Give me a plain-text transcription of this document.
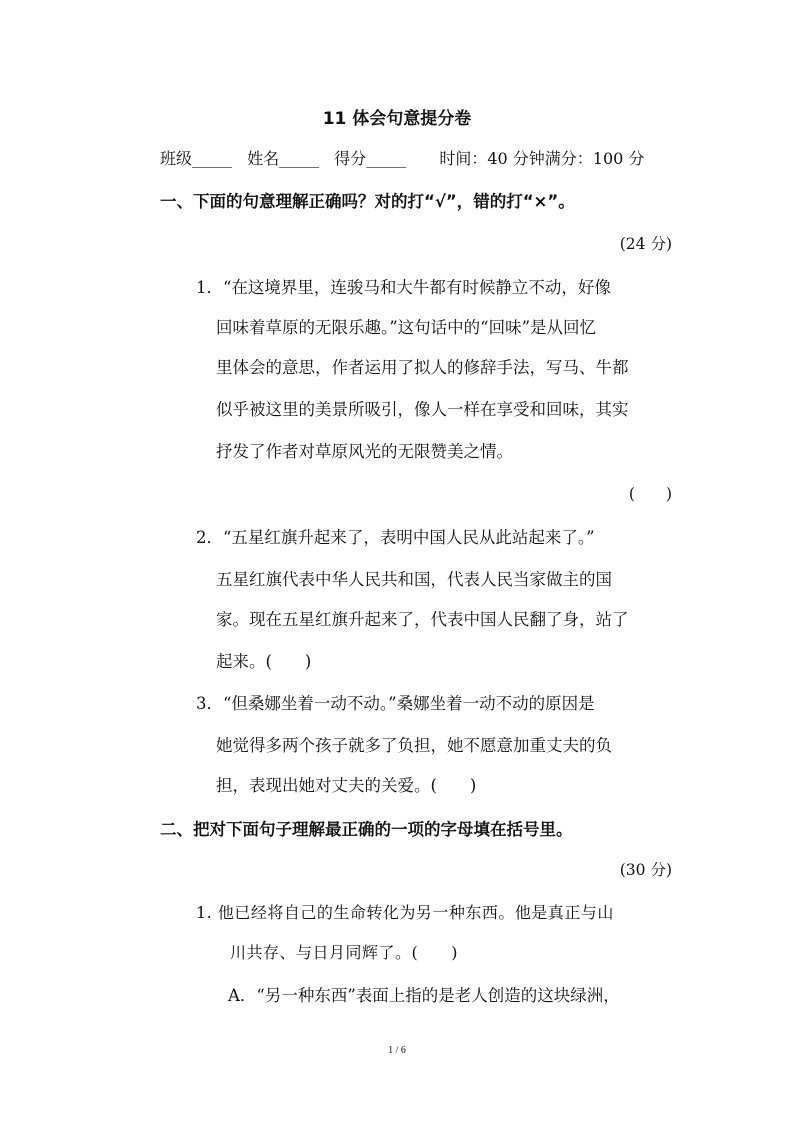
11 体会句意提分卷
班级_____ 姓名_____ 得分_____ 时间：40 分钟满分：100 分
一、下面的句意理解正确吗？对的打“√”，错的打“×”。
(24 分)
1．“在这境界里，连骏马和大牛都有时候静立不动，好像
回味着草原的无限乐趣。”这句话中的“回味”是从回忆
里体会的意思，作者运用了拟人的修辞手法，写马、牛都
似乎被这里的美景所吸引，像人一样在享受和回味，其实
抒发了作者对草原风光的无限赞美之情。
(　　)
2．“五星红旗升起来了，表明中国人民从此站起来了。”
五星红旗代表中华人民共和国，代表人民当家做主的国
家。现在五星红旗升起来了，代表中国人民翻了身，站了
起来。(　　)
3．“但桑娜坐着一动不动。”桑娜坐着一动不动的原因是
她觉得多两个孩子就多了负担，她不愿意加重丈夫的负
担，表现出她对丈夫的关爱。(　　)
二、把对下面句子理解最正确的一项的字母填在括号里。
(30 分)
1. 他已经将自己的生命转化为另一种东西。他是真正与山
川共存、与日月同辉了。(　　)
A．“另一种东西”表面上指的是老人创造的这块绿洲，
1 / 6
